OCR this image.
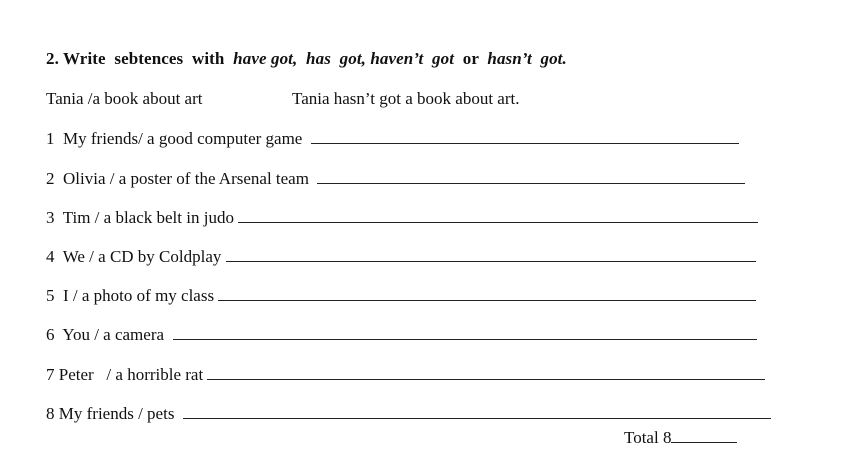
2. Write  sebtences  with have got, has  got, haven’t  got or hasn’t  got.
Tania /a book about art	Tania hasn’t got a book about art.
1  My friends/ a good computer game
2  Olivia / a poster of the Arsenal team
3  Tim / a black belt in judo
4  We / a CD by Coldplay
5  I / a photo of my class
6  You / a camera
7 Peter   / a horrible rat
8 My friends / pets
Total 8
